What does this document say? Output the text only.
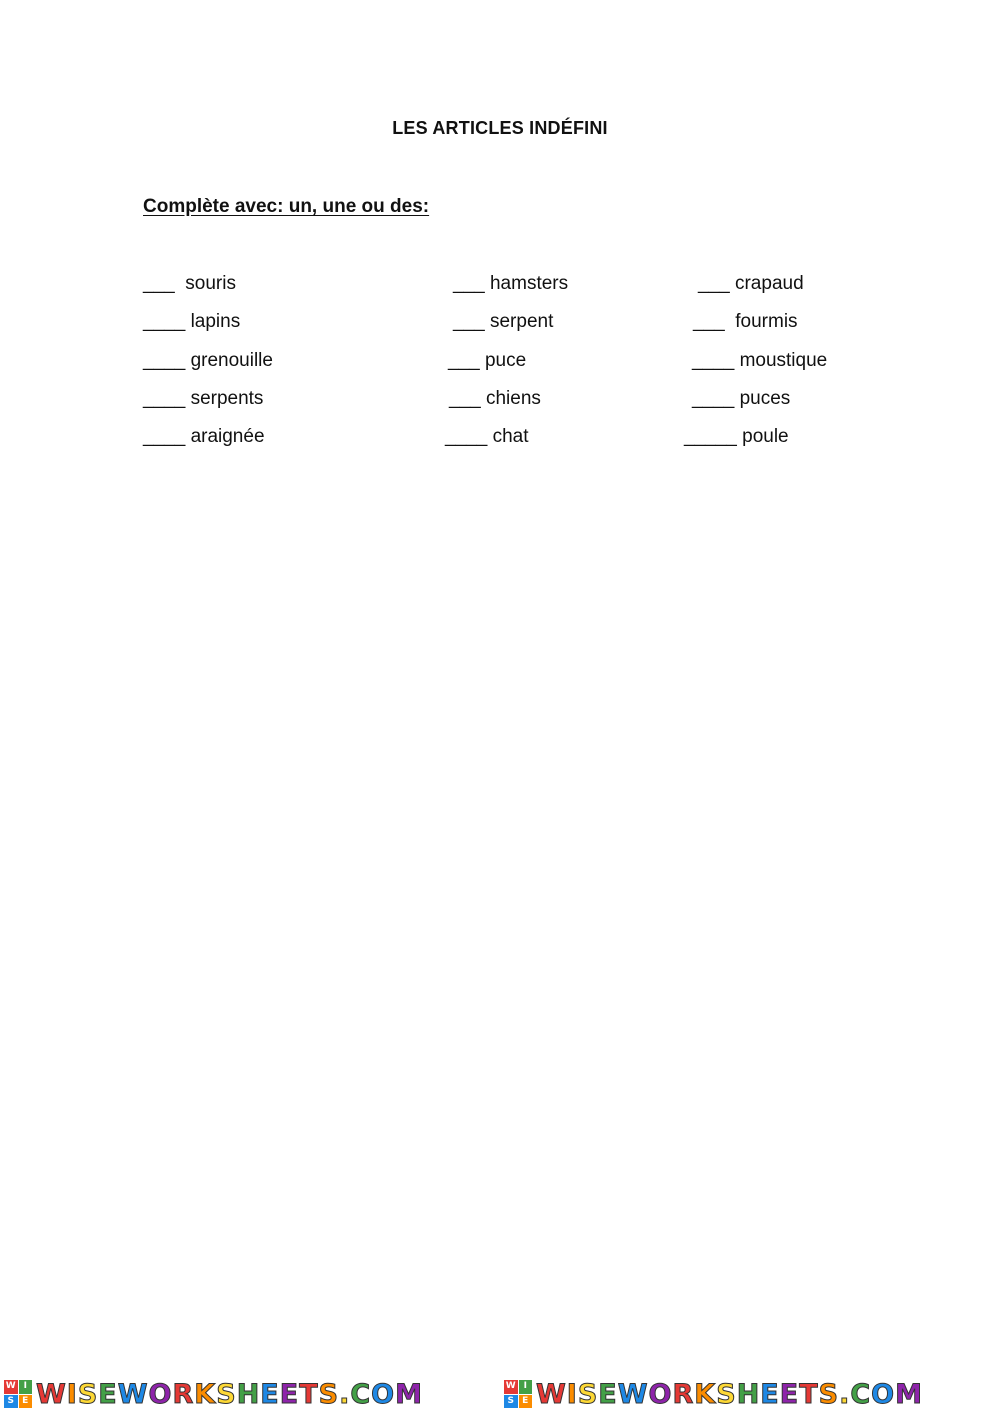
LES ARTICLES INDÉFINI
Complète avec: un, une ou des:
___ souris
____ lapins
____ grenouille
____ serpents
____ araignée
___ hamsters
___ serpent
___ puce
___ chiens
____ chat
___ crapaud
___ fourmis
____ moustique
____ puces
_____ poule
W I
S E WISEWORKSHEETS.COM	W I
S E WISEWORKSHEETS.COM
